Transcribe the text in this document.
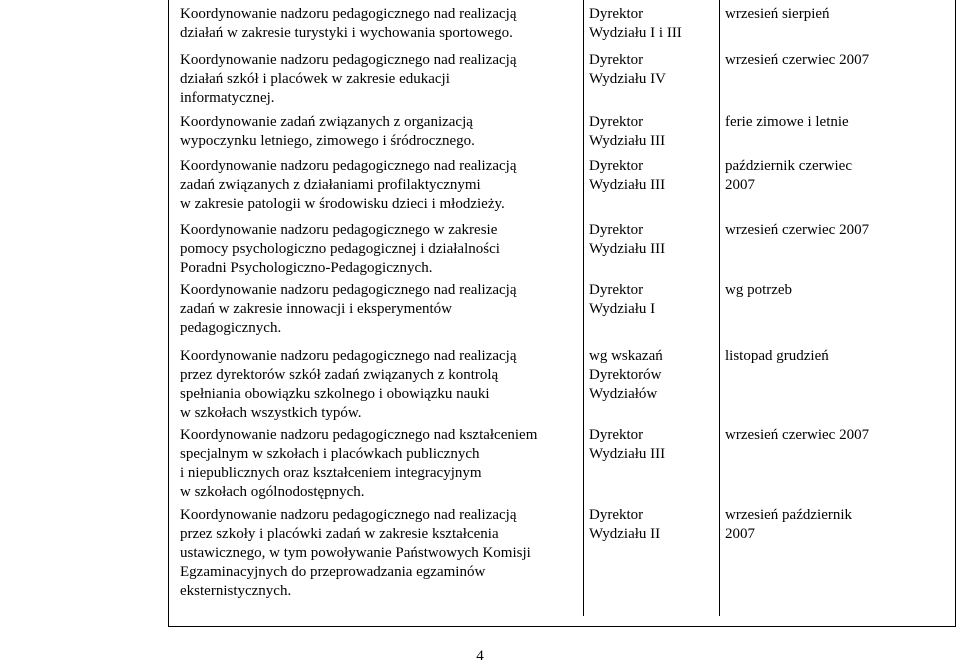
Koordynowanie nadzoru pedagogicznego nad realizacją
działań w zakresie turystyki i wychowania sportowego.	Dyrektor
Wydziału I i III	wrzesień sierpień

Koordynowanie nadzoru pedagogicznego nad realizacją
działań szkół i placówek w zakresie edukacji
informatycznej.	Dyrektor
Wydziału IV	wrzesień czerwiec 2007

Koordynowanie zadań związanych z organizacją
wypoczynku letniego, zimowego i śródrocznego.	Dyrektor
Wydziału III	ferie zimowe i letnie

Koordynowanie nadzoru pedagogicznego nad realizacją
zadań związanych z działaniami profilaktycznymi
w zakresie patologii w środowisku dzieci i młodzieży.	Dyrektor
Wydziału III	październik czerwiec
2007

Koordynowanie nadzoru pedagogicznego w zakresie
pomocy psychologiczno pedagogicznej i działalności
Poradni Psychologiczno-Pedagogicznych.	Dyrektor
Wydziału III	wrzesień czerwiec 2007

Koordynowanie nadzoru pedagogicznego nad realizacją
zadań w zakresie innowacji i eksperymentów
pedagogicznych.	Dyrektor
Wydziału I	wg potrzeb

Koordynowanie nadzoru pedagogicznego nad realizacją
przez dyrektorów szkół zadań związanych z kontrolą
spełniania obowiązku szkolnego i obowiązku nauki
w szkołach wszystkich typów.	wg wskazań
Dyrektorów
Wydziałów	listopad grudzień

Koordynowanie nadzoru pedagogicznego nad kształceniem
specjalnym w szkołach i placówkach publicznych
i niepublicznych oraz kształceniem integracyjnym
w szkołach ogólnodostępnych.	Dyrektor
Wydziału III	wrzesień czerwiec 2007

Koordynowanie nadzoru pedagogicznego nad realizacją
przez szkoły i placówki zadań w zakresie kształcenia
ustawicznego, w tym powoływanie Państwowych Komisji
Egzaminacyjnych do przeprowadzania egzaminów
eksternistycznych.	Dyrektor
Wydziału II	wrzesień październik
2007
4
